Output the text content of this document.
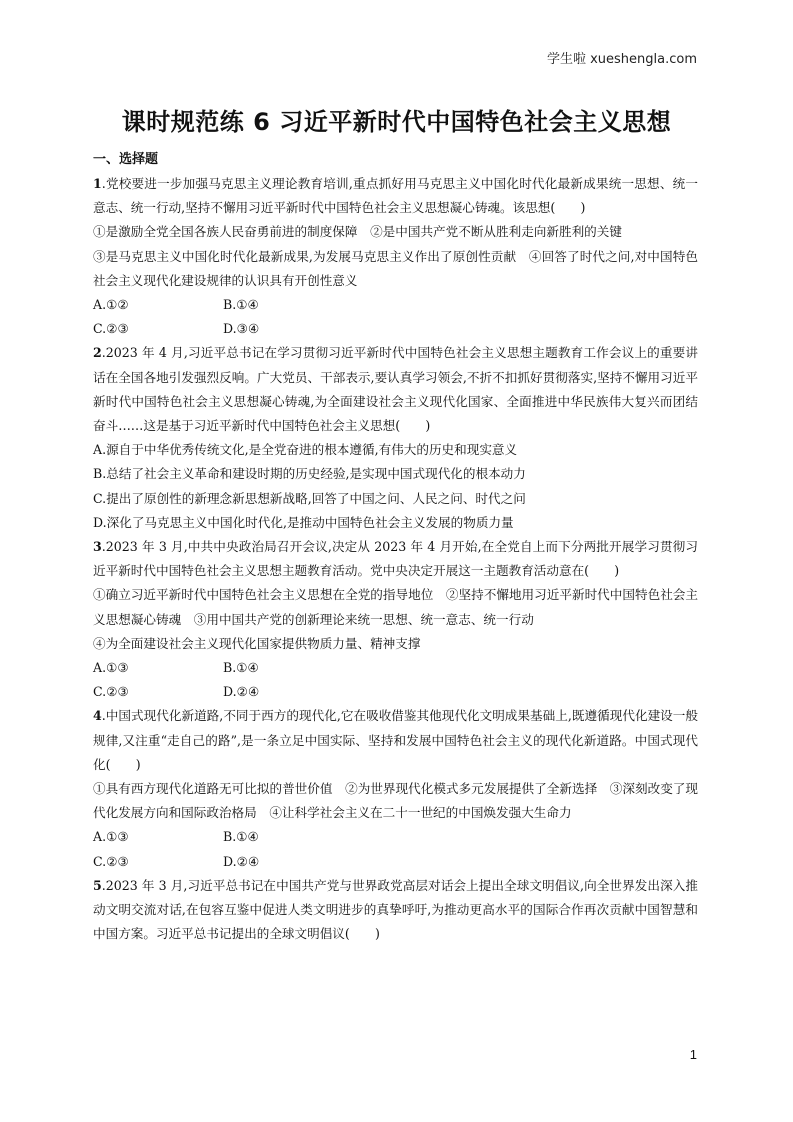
学生啦 xueshengla.com
课时规范练 6 习近平新时代中国特色社会主义思想
一、选择题

1.党校要进一步加强马克思主义理论教育培训,重点抓好用马克思主义中国化时代化最新成果统一思想、统一意志、统一行动,坚持不懈用习近平新时代中国特色社会主义思想凝心铸魂。该思想(　　)

①是激励全党全国各族人民奋勇前进的制度保障　②是中国共产党不断从胜利走向新胜利的关键

③是马克思主义中国化时代化最新成果,为发展马克思主义作出了原创性贡献　④回答了时代之问,对中国特色社会主义现代化建设规律的认识具有开创性意义

A.①②	B.①④
C.②③	D.③④

2.2023 年 4 月,习近平总书记在学习贯彻习近平新时代中国特色社会主义思想主题教育工作会议上的重要讲话在全国各地引发强烈反响。广大党员、干部表示,要认真学习领会,不折不扣抓好贯彻落实,坚持不懈用习近平新时代中国特色社会主义思想凝心铸魂,为全面建设社会主义现代化国家、全面推进中华民族伟大复兴而团结奋斗……这是基于习近平新时代中国特色社会主义思想(　　)

A.源自于中华优秀传统文化,是全党奋进的根本遵循,有伟大的历史和现实意义

B.总结了社会主义革命和建设时期的历史经验,是实现中国式现代化的根本动力

C.提出了原创性的新理念新思想新战略,回答了中国之问、人民之问、时代之问

D.深化了马克思主义中国化时代化,是推动中国特色社会主义发展的物质力量

3.2023 年 3 月,中共中央政治局召开会议,决定从 2023 年 4 月开始,在全党自上而下分两批开展学习贯彻习近平新时代中国特色社会主义思想主题教育活动。党中央决定开展这一主题教育活动意在(　　)

①确立习近平新时代中国特色社会主义思想在全党的指导地位　②坚持不懈地用习近平新时代中国特色社会主义思想凝心铸魂　③用中国共产党的创新理论来统一思想、统一意志、统一行动

④为全面建设社会主义现代化国家提供物质力量、精神支撑

A.①③	B.①④
C.②③	D.②④

4.中国式现代化新道路,不同于西方的现代化,它在吸收借鉴其他现代化文明成果基础上,既遵循现代化建设一般规律,又注重“走自己的路”,是一条立足中国实际、坚持和发展中国特色社会主义的现代化新道路。中国式现代化(　　)

①具有西方现代化道路无可比拟的普世价值　②为世界现代化模式多元发展提供了全新选择　③深刻改变了现代化发展方向和国际政治格局　④让科学社会主义在二十一世纪的中国焕发强大生命力

A.①③	B.①④
C.②③	D.②④

5.2023 年 3 月,习近平总书记在中国共产党与世界政党高层对话会上提出全球文明倡议,向全世界发出深入推动文明交流对话,在包容互鉴中促进人类文明进步的真挚呼吁,为推动更高水平的国际合作再次贡献中国智慧和中国方案。习近平总书记提出的全球文明倡议(　　)

1
